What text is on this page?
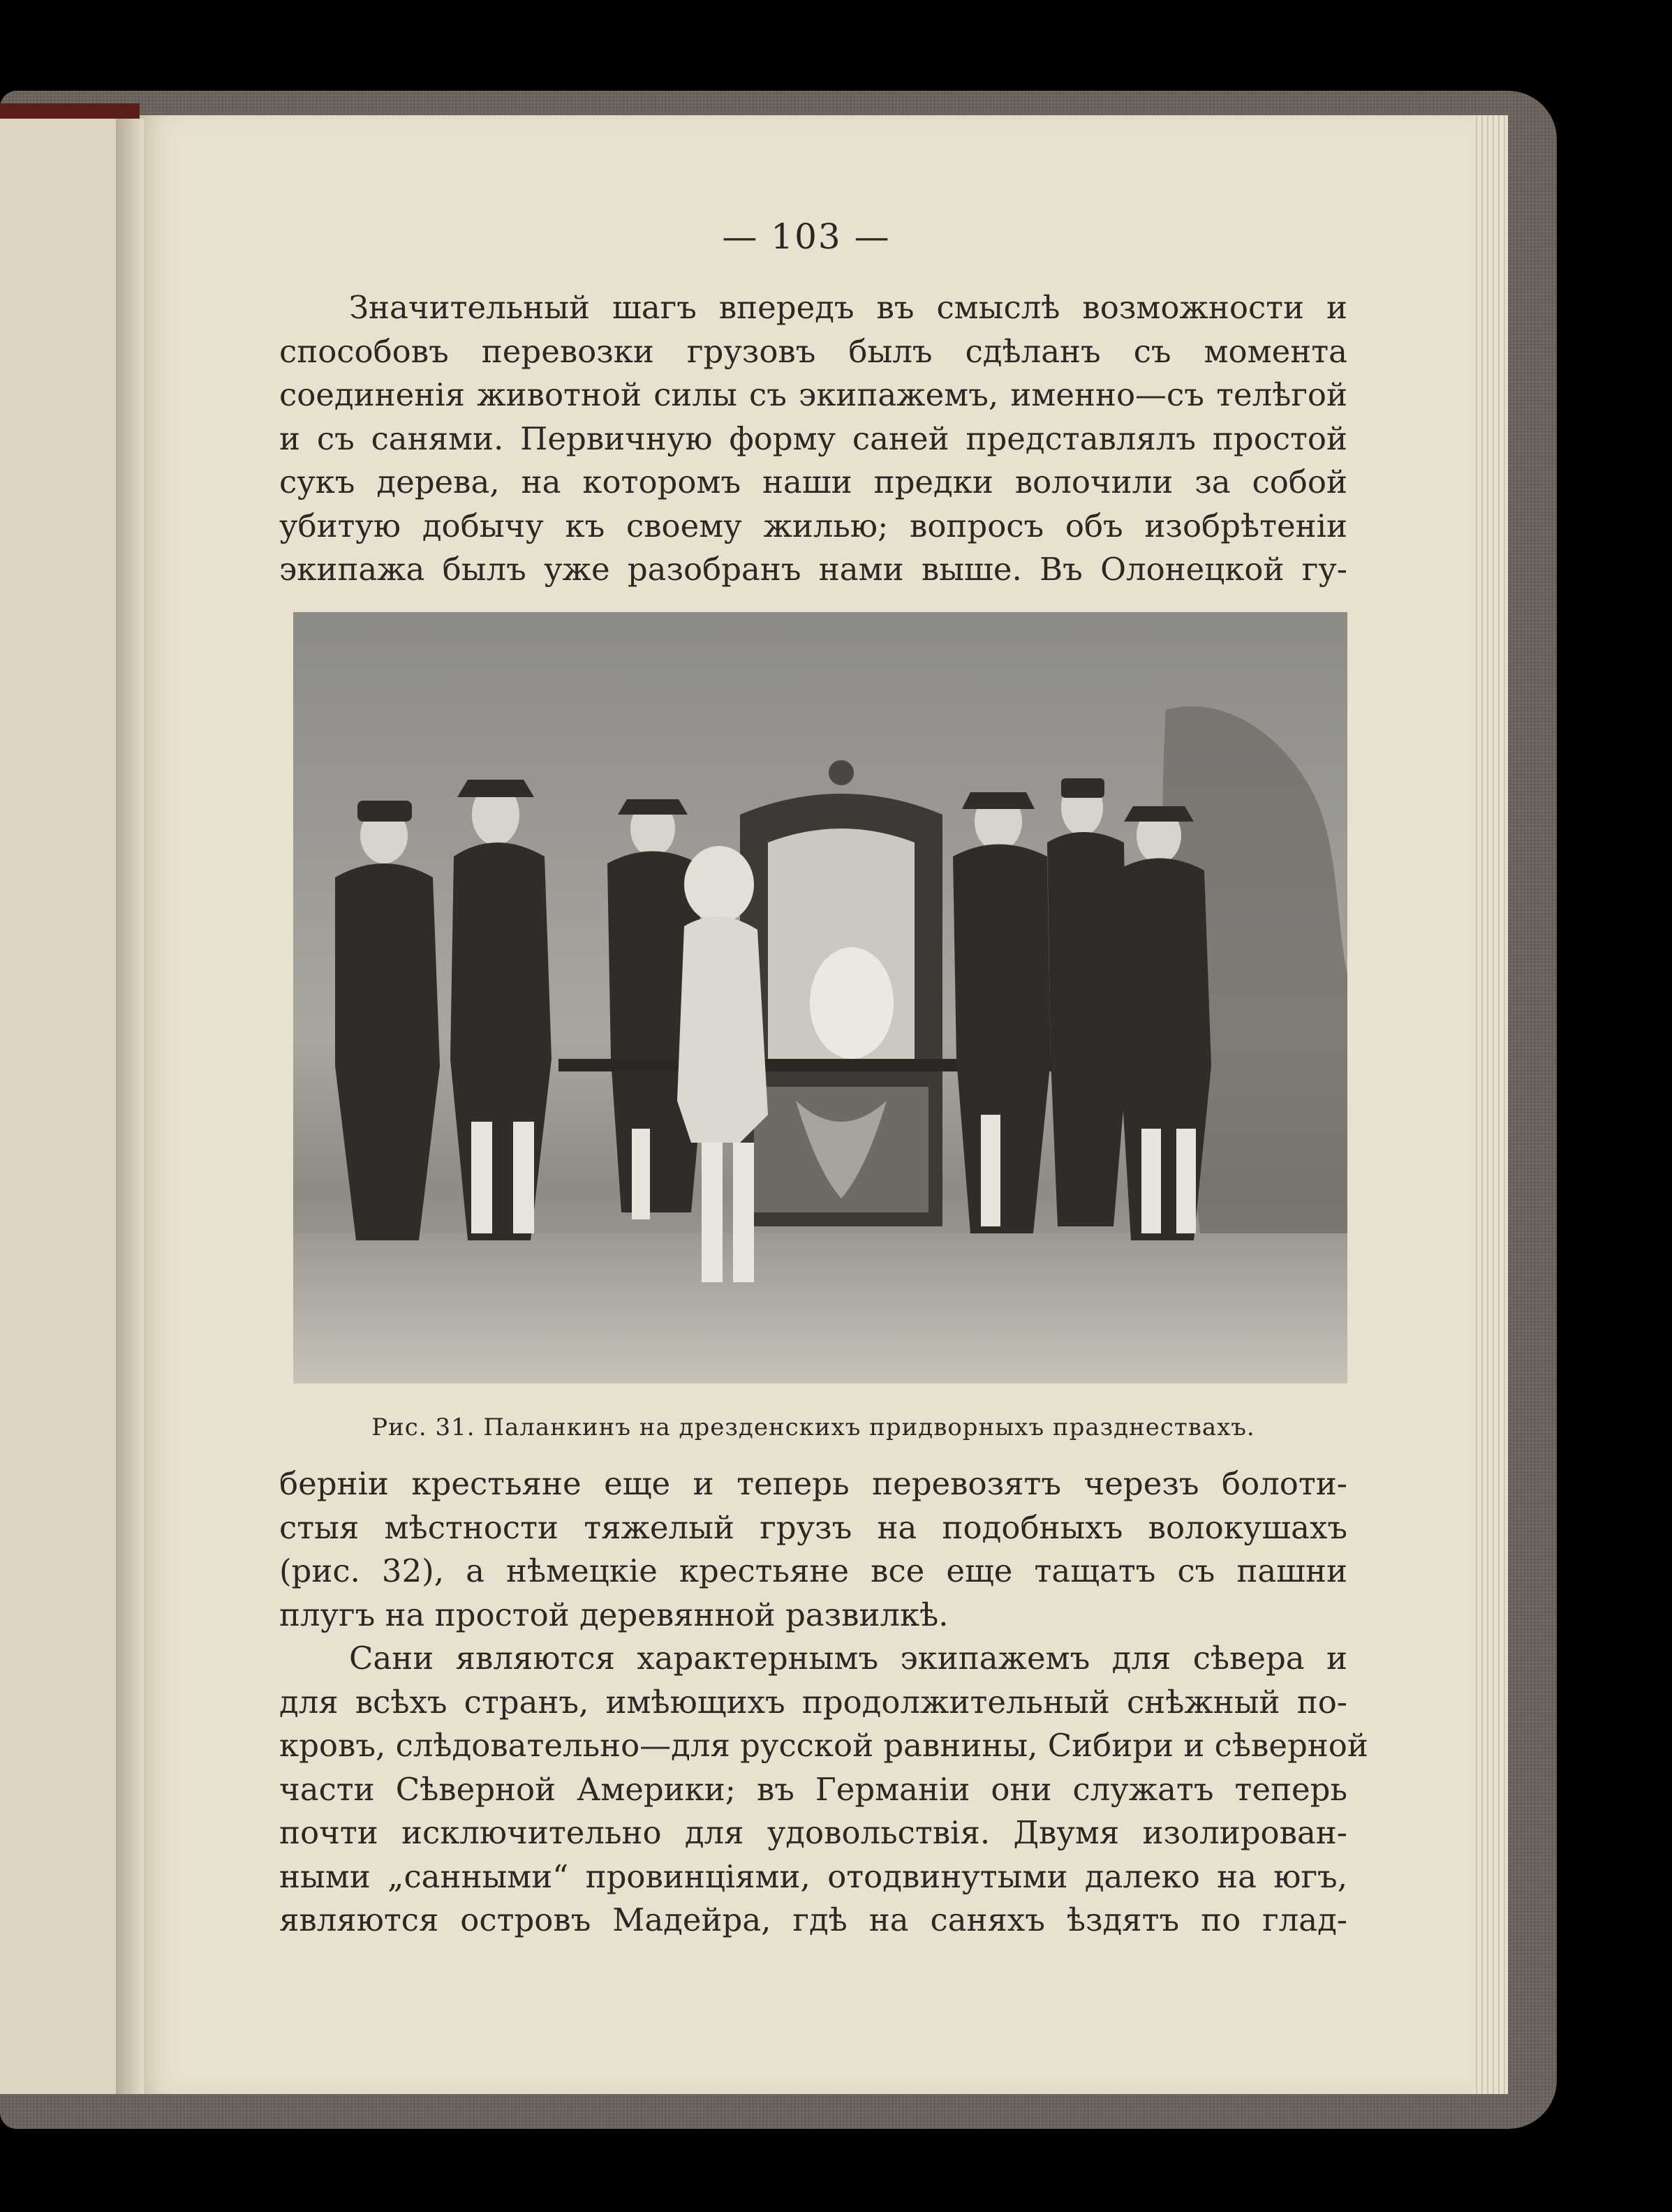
— 103 —
Значительный шагъ впередъ въ смыслѣ возможности и
способовъ перевозки грузовъ былъ сдѣланъ съ момента
соединенія животной силы съ экипажемъ, именно—съ телѣгой
и съ санями. Первичную форму саней представлялъ простой
сукъ дерева, на которомъ наши предки волочили за собой
убитую добычу къ своему жилью; вопросъ объ изобрѣтеніи
экипажа былъ уже разобранъ нами выше. Въ Олонецкой гу-
Рис. 31. Паланкинъ на дрезденскихъ придворныхъ празднествахъ.
берніи крестьяне еще и теперь перевозятъ черезъ болоти-
стыя мѣстности тяжелый грузъ на подобныхъ волокушахъ
(рис. 32), а нѣмецкіе крестьяне все еще тащатъ съ пашни
плугъ на простой деревянной развилкѣ.
Сани являются характернымъ экипажемъ для сѣвера и
для всѣхъ странъ, имѣющихъ продолжительный снѣжный по-
кровъ, слѣдовательно—для русской равнины, Сибири и сѣверной
части Сѣверной Америки; въ Германіи они служатъ теперь
почти исключительно для удовольствія. Двумя изолирован-
ными „санными“ провинціями, отодвинутыми далеко на югъ,
являются островъ Мадейра, гдѣ на саняхъ ѣздятъ по глад-
